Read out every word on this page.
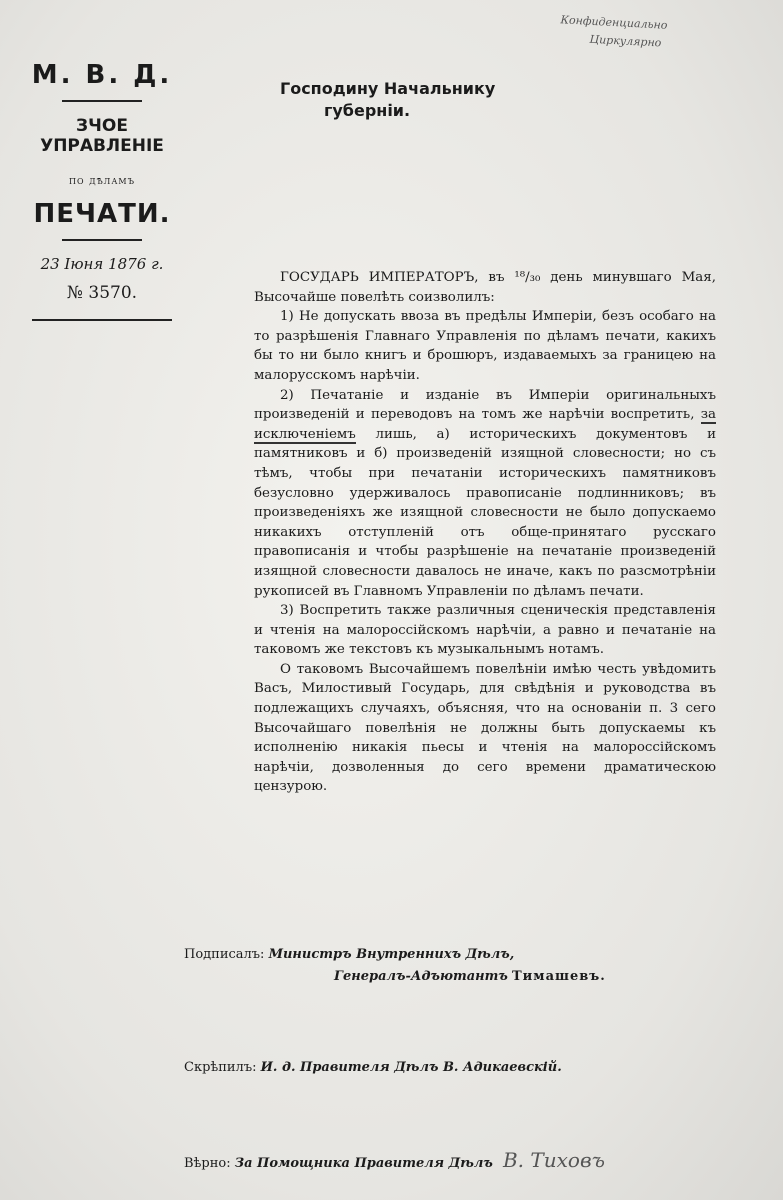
Конфиденциально
Циркулярно
М. В. Д.
ЗЧОЕ УПРАВЛЕНІЕ
по дѣламъ
ПЕЧАТИ.
23 Іюня 1876 г.
№ 3570.
Господину Начальнику
губерніи.

ГОСУДАРЬ ИМПЕРАТОРЪ, въ ¹⁸/₃₀ день минувшаго Мая, Высочайше повелѣть соизволилъ:

1) Не допускать ввоза въ предѣлы Имперіи, безъ особаго на то разрѣшенія Главнаго Управленія по дѣламъ печати, какихъ бы то ни было книгъ и брошюръ, издаваемыхъ за границею на малорусскомъ нарѣчіи.

2) Печатаніе и изданіе въ Имперіи оригинальныхъ произведеній и переводовъ на томъ же нарѣчіи воспретить, за исключеніемъ лишь, а) историческихъ документовъ и памятниковъ и б) произведеній изящной словесности; но съ тѣмъ, чтобы при печатаніи историческихъ памятниковъ безусловно удерживалось правописаніе подлинниковъ; въ произведеніяхъ же изящной словесности не было допускаемо никакихъ отступленій отъ обще-принятаго русскаго правописанія и чтобы разрѣшеніе на печатаніе произведеній изящной словесности давалось не иначе, какъ по разсмотрѣніи рукописей въ Главномъ Управленіи по дѣламъ печати.

3) Воспретить также различныя сценическія представленія и чтенія на малороссійскомъ нарѣчіи, а равно и печатаніе на таковомъ же текстовъ къ музыкальнымъ нотамъ.

О таковомъ Высочайшемъ повелѣніи имѣю честь увѣдомить Васъ, Милостивый Государь, для свѣдѣнія и руководства въ подлежащихъ случаяхъ, объясняя, что на основаніи п. 3 сего Высочайшаго повелѣнія не должны быть допускаемы къ исполненію никакія пьесы и чтенія на малороссійскомъ нарѣчіи, дозволенныя до сего времени драматическою цензурою.

Подписалъ: Министръ Внутреннихъ Дѣлъ,
Генералъ-Адъютантъ Тимашевъ.
Скрѣпилъ: И. д. Правителя Дѣлъ В. Адикаевскій.
Вѣрно: За Помощника Правителя Дѣлъ В. Тиховъ
